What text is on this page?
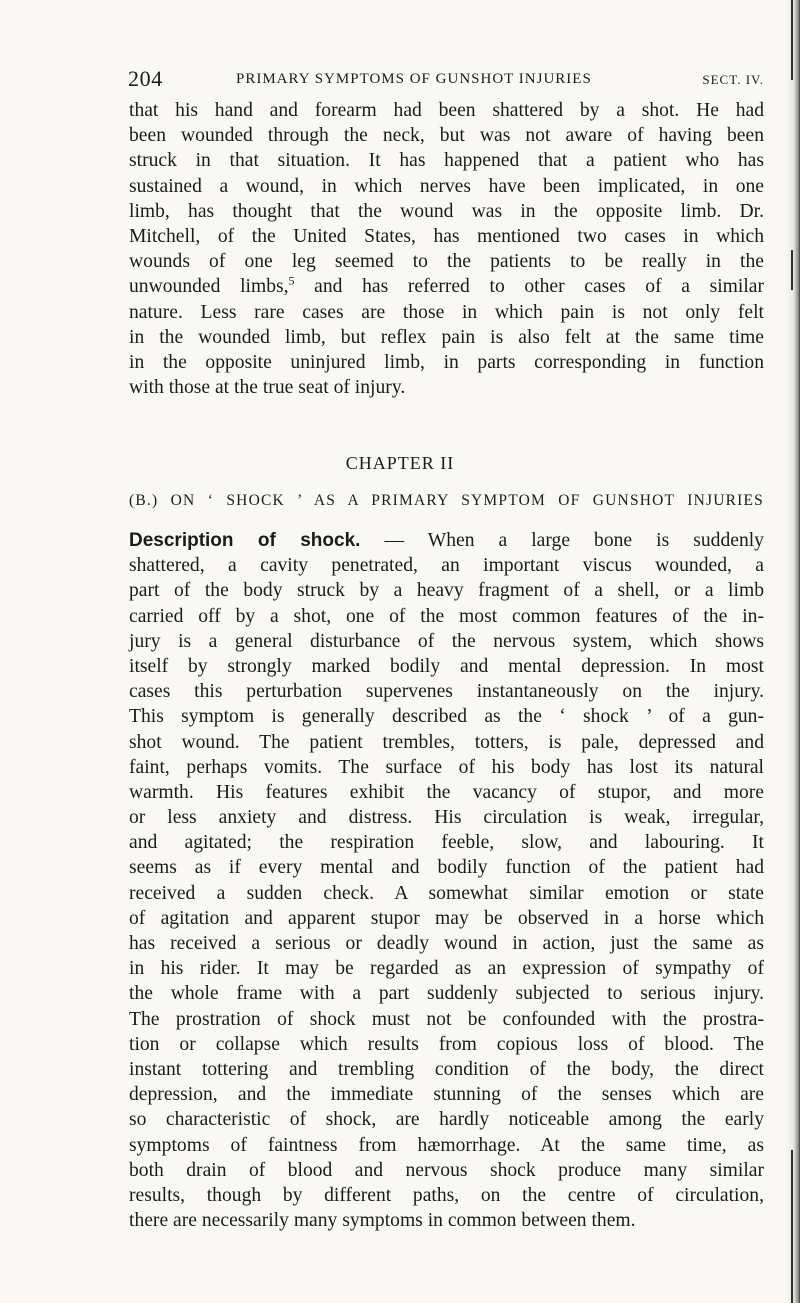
204	PRIMARY SYMPTOMS OF GUNSHOT INJURIES	SECT. IV.
that his hand and forearm had been shattered by a shot. He had
been wounded through the neck, but was not aware of having been
struck in that situation. It has happened that a patient who has
sustained a wound, in which nerves have been implicated, in one
limb, has thought that the wound was in the opposite limb. Dr.
Mitchell, of the United States, has mentioned two cases in which
wounds of one leg seemed to the patients to be really in the
unwounded limbs,$^5$ and has referred to other cases of a similar
nature. Less rare cases are those in which pain is not only felt
in the wounded limb, but reflex pain is also felt at the same time
in the opposite uninjured limb, in parts corresponding in function
with those at the true seat of injury.
CHAPTER II
(B.) ON ‘ SHOCK ’ AS A PRIMARY SYMPTOM OF GUNSHOT INJURIES
Description of shock. — When a large bone is suddenly
shattered, a cavity penetrated, an important viscus wounded, a
part of the body struck by a heavy fragment of a shell, or a limb
carried off by a shot, one of the most common features of the in-
jury is a general disturbance of the nervous system, which shows
itself by strongly marked bodily and mental depression. In most
cases this perturbation supervenes instantaneously on the injury.
This symptom is generally described as the ‘ shock ’ of a gun-
shot wound. The patient trembles, totters, is pale, depressed and
faint, perhaps vomits. The surface of his body has lost its natural
warmth. His features exhibit the vacancy of stupor, and more
or less anxiety and distress. His circulation is weak, irregular,
and agitated; the respiration feeble, slow, and labouring. It
seems as if every mental and bodily function of the patient had
received a sudden check. A somewhat similar emotion or state
of agitation and apparent stupor may be observed in a horse which
has received a serious or deadly wound in action, just the same as
in his rider. It may be regarded as an expression of sympathy of
the whole frame with a part suddenly subjected to serious injury.
The prostration of shock must not be confounded with the prostra-
tion or collapse which results from copious loss of blood. The
instant tottering and trembling condition of the body, the direct
depression, and the immediate stunning of the senses which are
so characteristic of shock, are hardly noticeable among the early
symptoms of faintness from hæmorrhage. At the same time, as
both drain of blood and nervous shock produce many similar
results, though by different paths, on the centre of circulation,
there are necessarily many symptoms in common between them.
